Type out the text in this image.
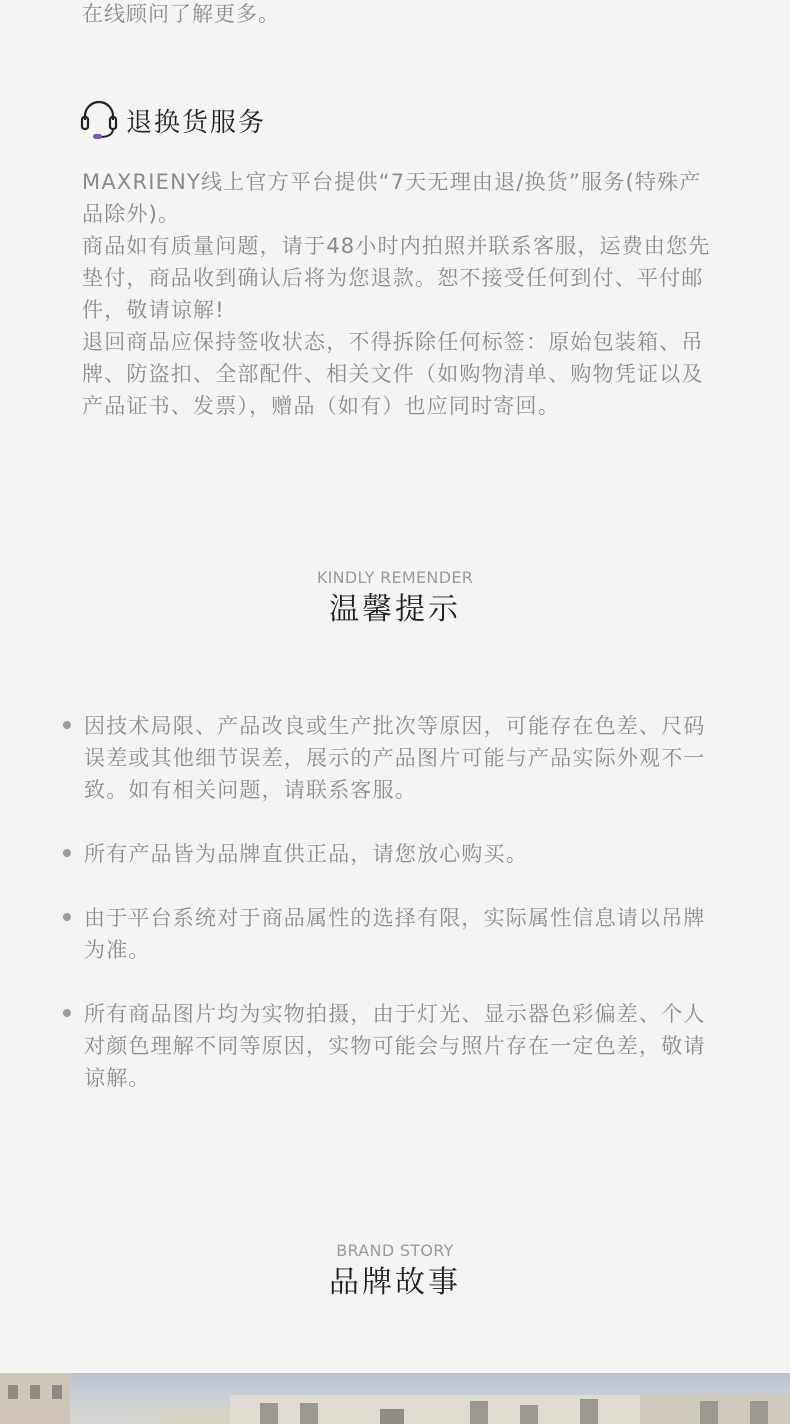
在线顾问了解更多。
退换货服务

MAXRIENY线上官方平台提供“7天无理由退/换货”服务(特殊产品除外)。

商品如有质量问题，请于48小时内拍照并联系客服，运费由您先垫付，商品收到确认后将为您退款。恕不接受任何到付、平付邮件，敬请谅解!

退回商品应保持签收状态，不得拆除任何标签：原始包装箱、吊牌、防盗扣、全部配件、相关文件（如购物清单、购物凭证以及产品证书、发票），赠品（如有）也应同时寄回。

KINDLY REMENDER
温馨提示
因技术局限、产品改良或生产批次等原因，可能存在色差、尺码误差或其他细节误差，展示的产品图片可能与产品实际外观不一致。如有相关问题，请联系客服。
所有产品皆为品牌直供正品，请您放心购买。
由于平台系统对于商品属性的选择有限，实际属性信息请以吊牌为准。
所有商品图片均为实物拍摄，由于灯光、显示器色彩偏差、个人对颜色理解不同等原因，实物可能会与照片存在一定色差，敬请谅解。
BRAND STORY
品牌故事
